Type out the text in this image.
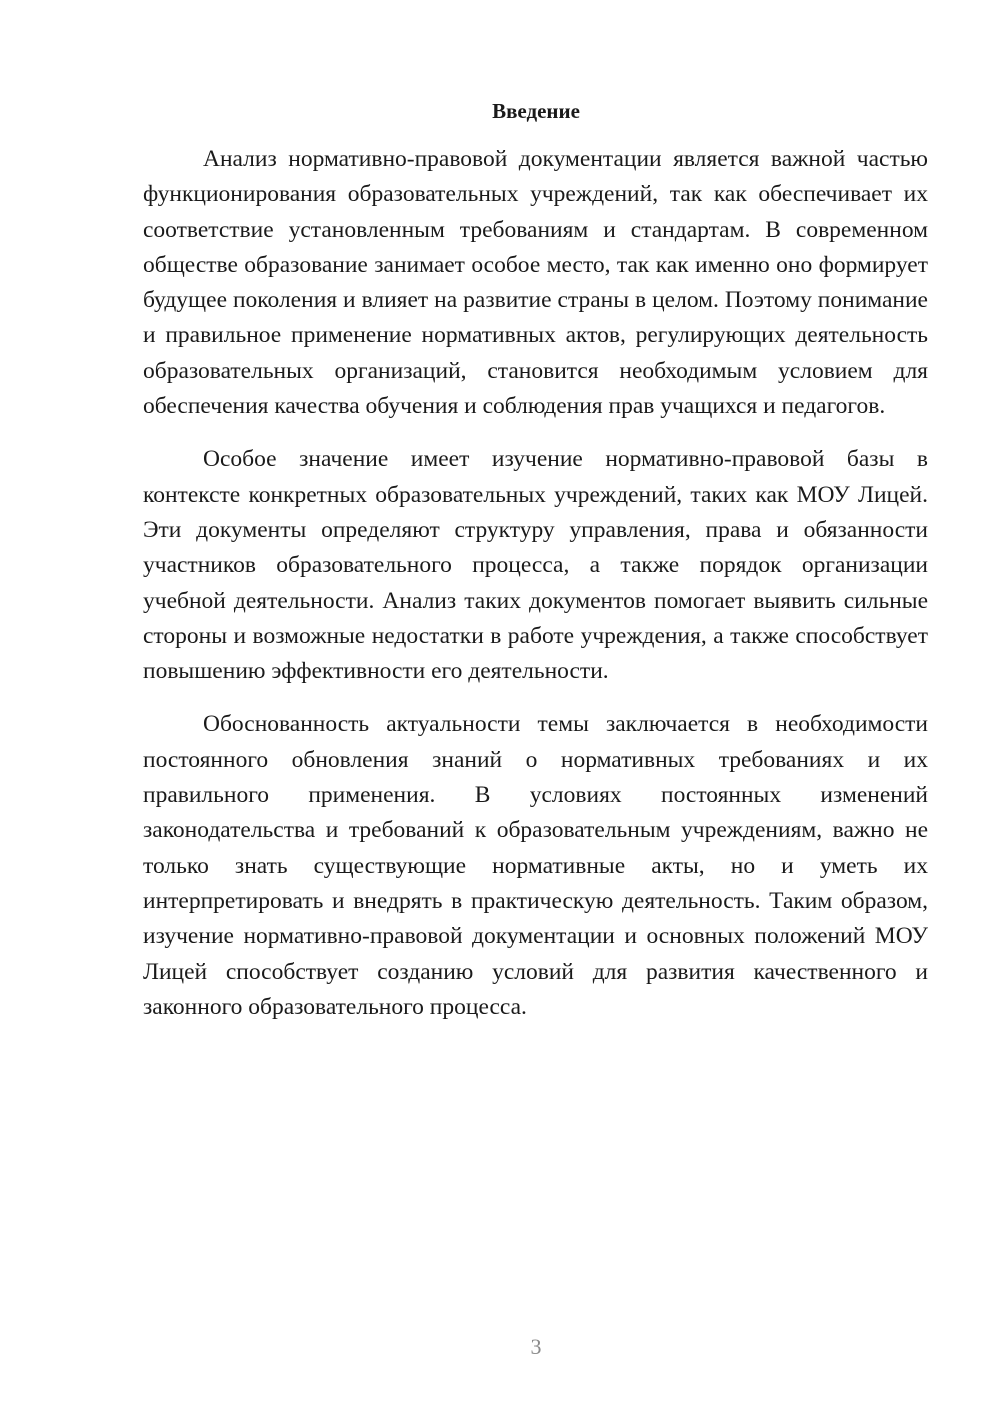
Введение

Анализ нормативно-правовой документации является важной частью функционирования образовательных учреждений, так как обеспечивает их соответствие установленным требованиям и стандартам. В современном обществе образование занимает особое место, так как именно оно формирует будущее поколения и влияет на развитие страны в целом. Поэтому понимание и правильное применение нормативных актов, регулирующих деятельность образовательных организаций, становится необходимым условием для обеспечения качества обучения и соблюдения прав учащихся и педагогов.

Особое значение имеет изучение нормативно-правовой базы в контексте конкретных образовательных учреждений, таких как МОУ Лицей. Эти документы определяют структуру управления, права и обязанности участников образовательного процесса, а также порядок организации учебной деятельности. Анализ таких документов помогает выявить сильные стороны и возможные недостатки в работе учреждения, а также способствует повышению эффективности его деятельности.

Обоснованность актуальности темы заключается в необходимости постоянного обновления знаний о нормативных требованиях и их правильного применения. В условиях постоянных изменений законодательства и требований к образовательным учреждениям, важно не только знать существующие нормативные акты, но и уметь их интерпретировать и внедрять в практическую деятельность. Таким образом, изучение нормативно-правовой документации и основных положений МОУ Лицей способствует созданию условий для развития качественного и законного образовательного процесса.

3
